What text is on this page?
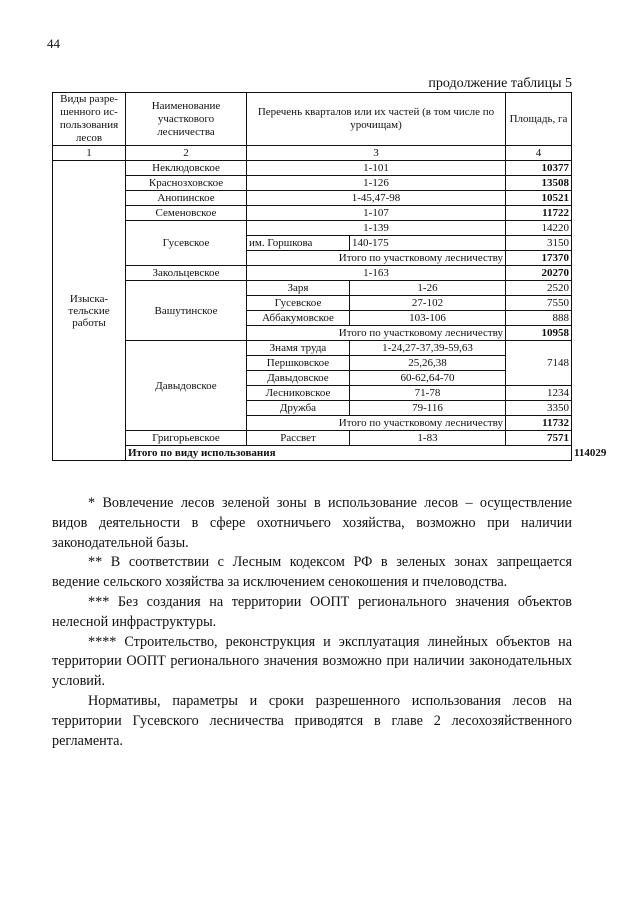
44
продолжение таблицы 5
Виды разре-шенного ис-пользования лесов	Наименование участкового лесничества	Перечень кварталов или их частей (в том числе по урочищам)		Площадь, га	
1	2	3		4	
Изыска-тельские работы	Неклюдовское	1-101		10377	
	Краснозховское	1-126		13508	
	Анопинское	1-45,47-98		10521	
	Семеновское	1-107		11722	
	Гусевское	1-139		14220	
		им. Горшкова	140-175	3150	
		Итого по участковому лесничеству		17370	
	Закольцевское	1-163		20270	
	Вашутинское	Заря	1-26	2520	
		Гусевское	27-102	7550	
		Аббакумовское	103-106	888	
		Итого по участковому лесничеству		10958	
	Давыдовское	Знамя труда	1-24,27-37,39-59,63	7148	
		Першковское	25,26,38		
		Давыдовское	60-62,64-70		
		Лесниковское	71-78	1234	
		Дружба	79-116	3350	
		Итого по участковому лесничеству		11732	
	Григорьевское	Рассвет	1-83	7571	
	Итого по виду использования				114029

* Вовлечение лесов зеленой зоны в использование лесов – осуществление видов деятельности в сфере охотничьего хозяйства, возможно при наличии законодательной базы.

** В соответствии с Лесным кодексом РФ в зеленых зонах запрещается ведение сельского хозяйства за исключением сенокошения и пчеловодства.

*** Без создания на территории ООПТ регионального значения объектов нелесной инфраструктуры.

**** Строительство, реконструкция и эксплуатация линейных объектов на территории ООПТ регионального значения возможно при наличии законодательных условий.

Нормативы, параметры и сроки разрешенного использования лесов на территории Гусевского лесничества приводятся в главе 2 лесохозяйственного регламента.
